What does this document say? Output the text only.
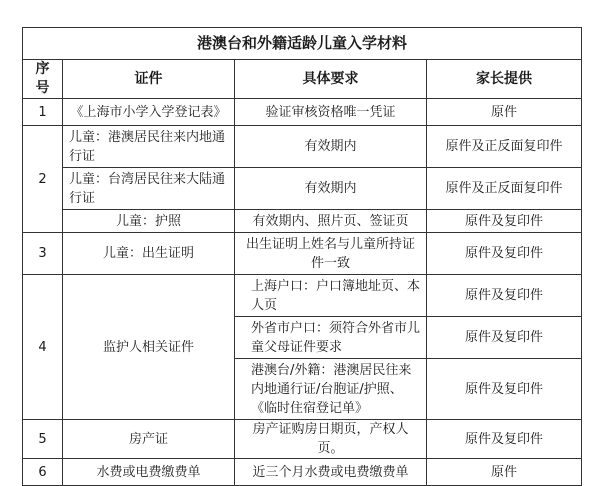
港澳台和外籍适龄儿童入学材料			
序号	证件	具体要求	家长提供
1	《上海市小学入学登记表》	验证审核资格唯一凭证	原件
2	儿童：港澳居民往来内地通行证	有效期内	原件及正反面复印件
	儿童：台湾居民往来大陆通行证	有效期内	原件及正反面复印件
	儿童：护照	有效期内、照片页、签证页	原件及复印件
3	儿童：出生证明	出生证明上姓名与儿童所持证件一致	原件及复印件
4	监护人相关证件	上海户口：户口簿地址页、本人页	原件及复印件
		外省市户口：须符合外省市儿童父母证件要求	原件及复印件
		港澳台/外籍：港澳居民往来内地通行证/台胞证/护照、《临时住宿登记单》	原件及复印件
5	房产证	房产证购房日期页，产权人页。	原件及复印件
6	水费或电费缴费单	近三个月水费或电费缴费单	原件
